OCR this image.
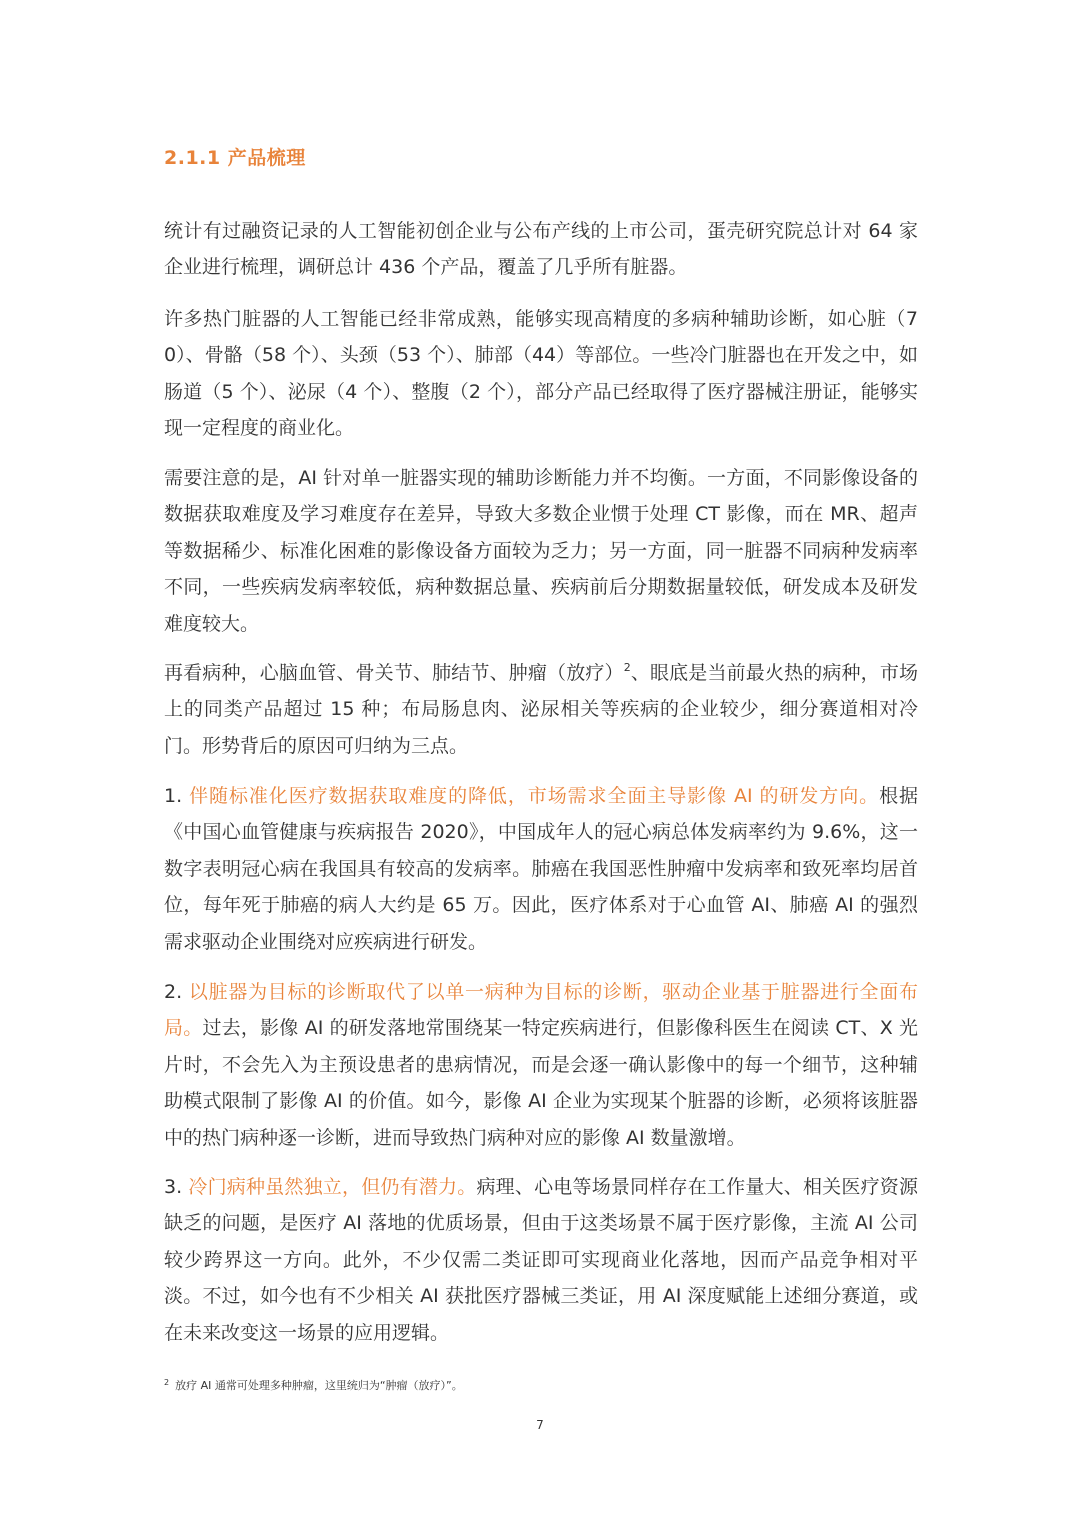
2.1.1 产品梳理

统计有过融资记录的人工智能初创企业与公布产线的上市公司，蛋壳研究院总计对 64 家企业进行梳理，调研总计 436 个产品，覆盖了几乎所有脏器。

许多热门脏器的人工智能已经非常成熟，能够实现高精度的多病种辅助诊断，如心脏（70）、骨骼（58 个）、头颈（53 个）、肺部（44）等部位。一些冷门脏器也在开发之中，如肠道（5 个）、泌尿（4 个）、整腹（2 个），部分产品已经取得了医疗器械注册证，能够实现一定程度的商业化。

需要注意的是，AI 针对单一脏器实现的辅助诊断能力并不均衡。一方面，不同影像设备的数据获取难度及学习难度存在差异，导致大多数企业惯于处理 CT 影像，而在 MR、超声等数据稀少、标准化困难的影像设备方面较为乏力；另一方面，同一脏器不同病种发病率不同，一些疾病发病率较低，病种数据总量、疾病前后分期数据量较低，研发成本及研发难度较大。

再看病种，心脑血管、骨关节、肺结节、肿瘤（放疗）$^2$、眼底是当前最火热的病种，市场上的同类产品超过 15 种；布局肠息肉、泌尿相关等疾病的企业较少，细分赛道相对冷门。形势背后的原因可归纳为三点。

1. 伴随标准化医疗数据获取难度的降低，市场需求全面主导影像 AI 的研发方向。根据《中国心血管健康与疾病报告 2020》，中国成年人的冠心病总体发病率约为 9.6%，这一数字表明冠心病在我国具有较高的发病率。肺癌在我国恶性肿瘤中发病率和致死率均居首位，每年死于肺癌的病人大约是 65 万。因此，医疗体系对于心血管 AI、肺癌 AI 的强烈需求驱动企业围绕对应疾病进行研发。

2. 以脏器为目标的诊断取代了以单一病种为目标的诊断，驱动企业基于脏器进行全面布局。过去，影像 AI 的研发落地常围绕某一特定疾病进行，但影像科医生在阅读 CT、X 光片时，不会先入为主预设患者的患病情况，而是会逐一确认影像中的每一个细节，这种辅助模式限制了影像 AI 的价值。如今，影像 AI 企业为实现某个脏器的诊断，必须将该脏器中的热门病种逐一诊断，进而导致热门病种对应的影像 AI 数量激增。

3. 冷门病种虽然独立，但仍有潜力。病理、心电等场景同样存在工作量大、相关医疗资源缺乏的问题，是医疗 AI 落地的优质场景，但由于这类场景不属于医疗影像，主流 AI 公司较少跨界这一方向。此外，不少仅需二类证即可实现商业化落地，因而产品竞争相对平淡。不过，如今也有不少相关 AI 获批医疗器械三类证，用 AI 深度赋能上述细分赛道，或在未来改变这一场景的应用逻辑。

$^2$ 放疗 AI 通常可处理多种肿瘤，这里统归为“肿瘤（放疗）”。
7
